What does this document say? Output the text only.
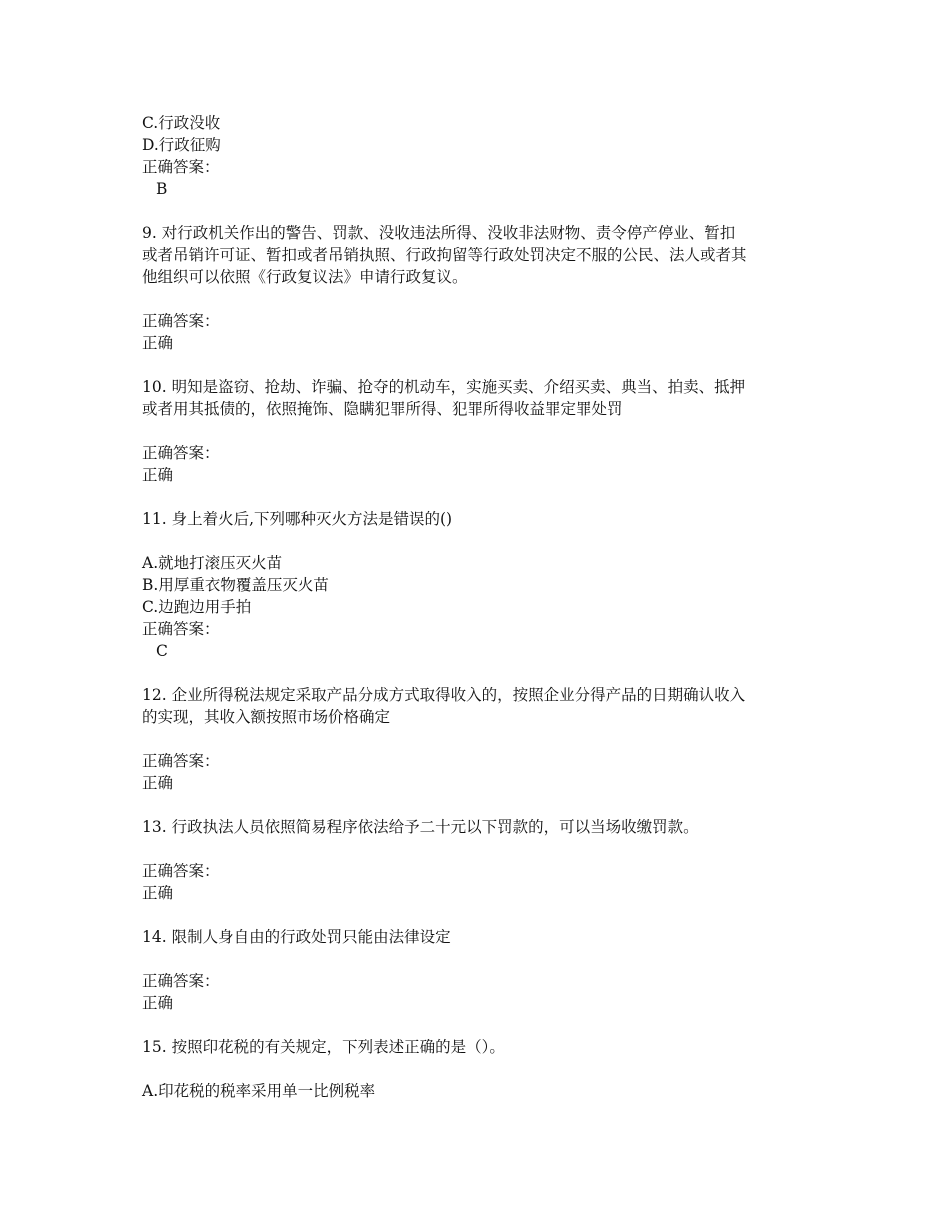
C.行政没收
D.行政征购
正确答案：
B
9. 对行政机关作出的警告、罚款、没收违法所得、没收非法财物、责令停产停业、暂扣
或者吊销许可证、暂扣或者吊销执照、行政拘留等行政处罚决定不服的公民、法人或者其
他组织可以依照《行政复议法》申请行政复议。
正确答案：
正确
10. 明知是盗窃、抢劫、诈骗、抢夺的机动车，实施买卖、介绍买卖、典当、拍卖、抵押
或者用其抵债的，依照掩饰、隐瞒犯罪所得、犯罪所得收益罪定罪处罚
正确答案：
正确
11. 身上着火后,下列哪种灭火方法是错误的()
A.就地打滚压灭火苗
B.用厚重衣物覆盖压灭火苗
C.边跑边用手拍
正确答案：
C
12. 企业所得税法规定采取产品分成方式取得收入的，按照企业分得产品的日期确认收入
的实现，其收入额按照市场价格确定
正确答案：
正确
13. 行政执法人员依照简易程序依法给予二十元以下罚款的，可以当场收缴罚款。
正确答案：
正确
14. 限制人身自由的行政处罚只能由法律设定
正确答案：
正确
15. 按照印花税的有关规定，下列表述正确的是（）。
A.印花税的税率采用单一比例税率
